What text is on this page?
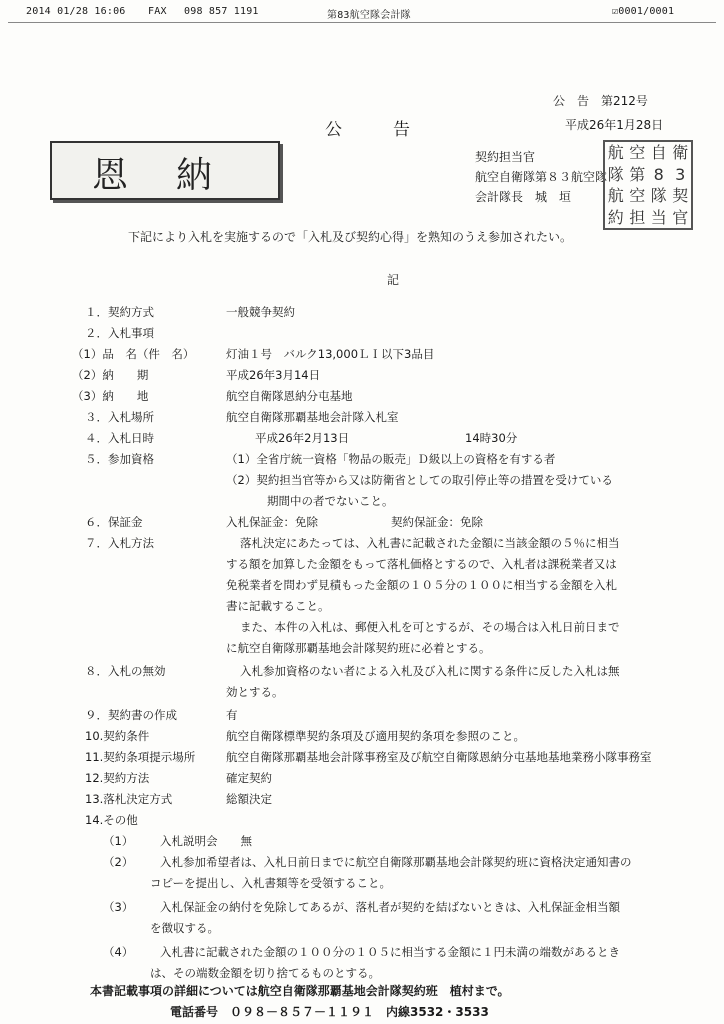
2014 01/28 16:06 FAX 098 857 1191	第83航空隊会計隊	☑0001/0001
公　告　第212号
公　　　告	平成26年1月28日
恩　納	契約担当官
航空自衛隊第８３航空隊
会計隊長　城　垣
航 空 自 衛
隊 第 8 3
航 空 隊 契
約 担 当 官
下記により入札を実施するので「入札及び契約心得」を熟知のうえ参加されたい。
記
１．契約方式	一般競争契約
２．入札事項
（1）品　名（件　名）	灯油１号　バルク13,000ＬＩ以下3品目
（2）納　　期	平成26年3月14日
（3）納　　地	航空自衛隊恩納分屯基地
３．入札場所	航空自衛隊那覇基地会計隊入札室
４．入札日時	平成26年2月13日	14時30分
５．参加資格	（1）全省庁統一資格「物品の販売」Ｄ級以上の資格を有する者
（2）契約担当官等から又は防衛省としての取引停止等の措置を受けている
期間中の者でないこと。
６．保証金	入札保証金：免除	契約保証金：免除
７．入札方法	落札決定にあたっては、入札書に記載された金額に当該金額の５％に相当
する額を加算した金額をもって落札価格とするので、入札者は課税業者又は
免税業者を問わず見積もった金額の１０５分の１００に相当する金額を入札
書に記載すること。
また、本件の入札は、郵便入札を可とするが、その場合は入札日前日まで
に航空自衛隊那覇基地会計隊契約班に必着とする。
８．入札の無効	入札参加資格のない者による入札及び入札に関する条件に反した入札は無
効とする。
９．契約書の作成	有
10.契約条件	航空自衛隊標準契約条項及び適用契約条項を参照のこと。
11.契約条項提示場所	航空自衛隊那覇基地会計隊事務室及び航空自衛隊恩納分屯基地基地業務小隊事務室
12.契約方法	確定契約
13.落札決定方式	総額決定
14.その他
（1） 入札説明会　　無
（2） 入札参加希望者は、入札日前日までに航空自衛隊那覇基地会計隊契約班に資格決定通知書の
コピーを提出し、入札書類等を受領すること。
（3） 入札保証金の納付を免除してあるが、落札者が契約を結ばないときは、入札保証金相当額
を徴収する。
（4） 入札書に記載された金額の１００分の１０５に相当する金額に１円未満の端数があるとき
は、その端数金額を切り捨てるものとする。
本書記載事項の詳細については航空自衛隊那覇基地会計隊契約班　植村まで。
電話番号　０９８－８５７－１１９１　内線3532・3533
